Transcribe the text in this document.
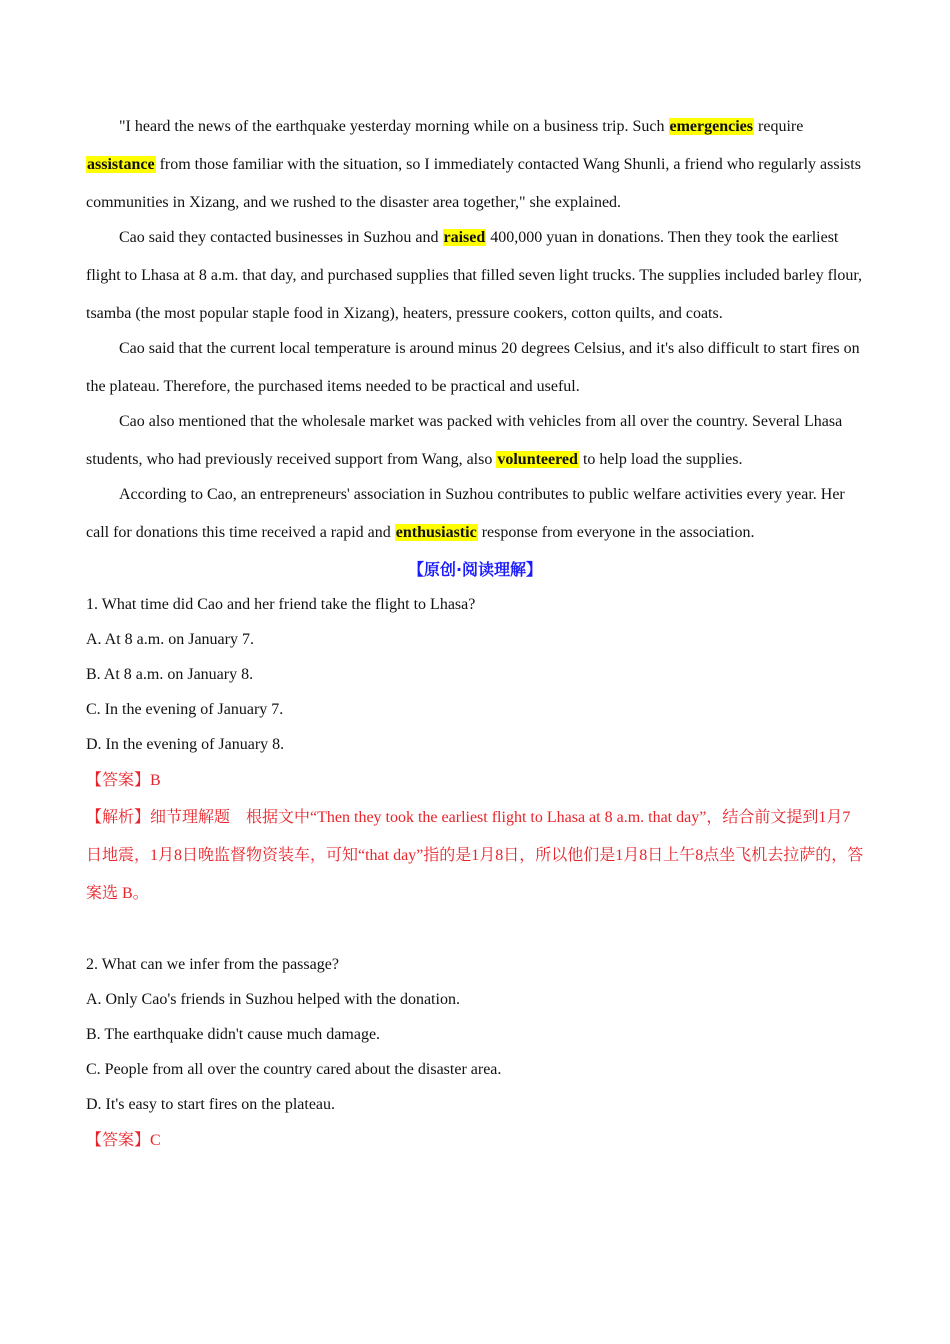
"I heard the news of the earthquake yesterday morning while on a business trip. Such emergencies require assistance from those familiar with the situation, so I immediately contacted Wang Shunli, a friend who regularly assists communities in Xizang, and we rushed to the disaster area together," she explained.

Cao said they contacted businesses in Suzhou and raised 400,000 yuan in donations. Then they took the earliest flight to Lhasa at 8 a.m. that day, and purchased supplies that filled seven light trucks. The supplies included barley flour, tsamba (the most popular staple food in Xizang), heaters, pressure cookers, cotton quilts, and coats.

Cao said that the current local temperature is around minus 20 degrees Celsius, and it's also difficult to start fires on the plateau. Therefore, the purchased items needed to be practical and useful.

Cao also mentioned that the wholesale market was packed with vehicles from all over the country. Several Lhasa students, who had previously received support from Wang, also volunteered to help load the supplies.

According to Cao, an entrepreneurs' association in Suzhou contributes to public welfare activities every year. Her call for donations this time received a rapid and enthusiastic response from everyone in the association.

【原创·阅读理解】

1. What time did Cao and her friend take the flight to Lhasa?

A. At 8 a.m. on January 7.

B. At 8 a.m. on January 8.

C. In the evening of January 7.

D. In the evening of January 8.

【答案】B

【解析】细节理解题　根据文中“Then they took the earliest flight to Lhasa at 8 a.m. that day”，结合前文提到1月7日地震，1月8日晚监督物资装车，可知“that day”指的是1月8日，所以他们是1月8日上午8点坐飞机去拉萨的，答案选 B。

2. What can we infer from the passage?

A. Only Cao's friends in Suzhou helped with the donation.

B. The earthquake didn't cause much damage.

C. People from all over the country cared about the disaster area.

D. It's easy to start fires on the plateau.

【答案】C
